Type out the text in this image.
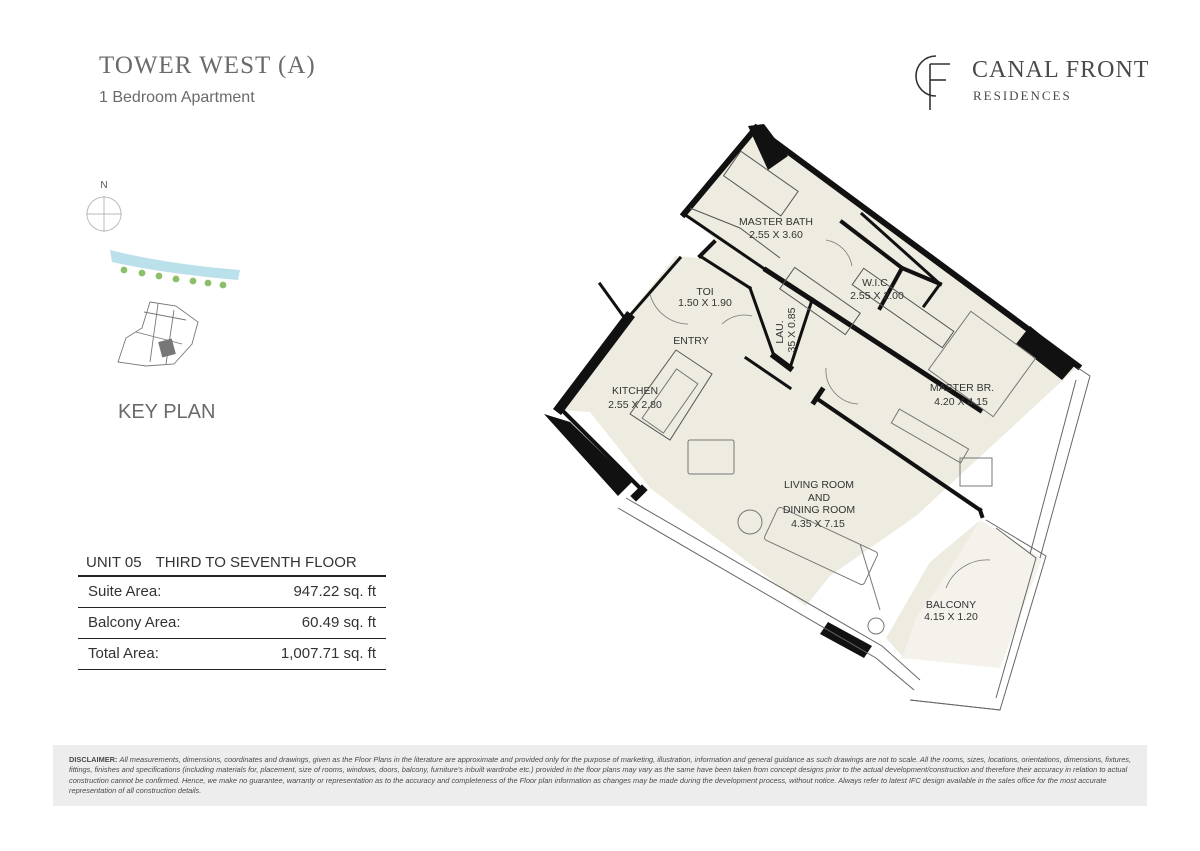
TOWER WEST (A)
1 Bedroom Apartment
CANAL FRONT
RESIDENCES
N
KEY PLAN
UNIT 05 THIRD TO SEVENTH FLOOR
Suite Area:	947.22 sq. ft
Balcony Area:	60.49 sq. ft
Total Area:	1,007.71 sq. ft
MASTER BATH
2.55 X 3.60
TOI
1.50 X 1.90
W.I.C
2.55 X 2.00
LAU. 35 X 0.85
ENTRY
KITCHEN
2.55 X 2.80
MASTER BR.
4.20 X 4.15
LIVING ROOM
AND
DINING ROOM
4.35 X 7.15
BALCONY
4.15 X 1.20
DISCLAIMER: All measurements, dimensions, coordinates and drawings, given as the Floor Plans in the literature are approximate and provided only for the purpose of marketing, illustration, information and general guidance as such drawings are not to scale. All the rooms, sizes, locations, orientations, dimensions, fixtures, fittings, finishes and specifications (including materials for, placement, size of rooms, windows, doors, balcony, furniture's inbuilt wardrobe etc.) provided in the floor plans may vary as the same have been taken from concept designs prior to the actual development/construction and therefore their accuracy in relation to actual construction cannot be confirmed. Hence, we make no guarantee, warranty or representation as to the accuracy and completeness of the Floor plan information as changes may be made during the development process, without notice. Always refer to latest IFC design available in the sales office for the most accurate representation of all construction details.
